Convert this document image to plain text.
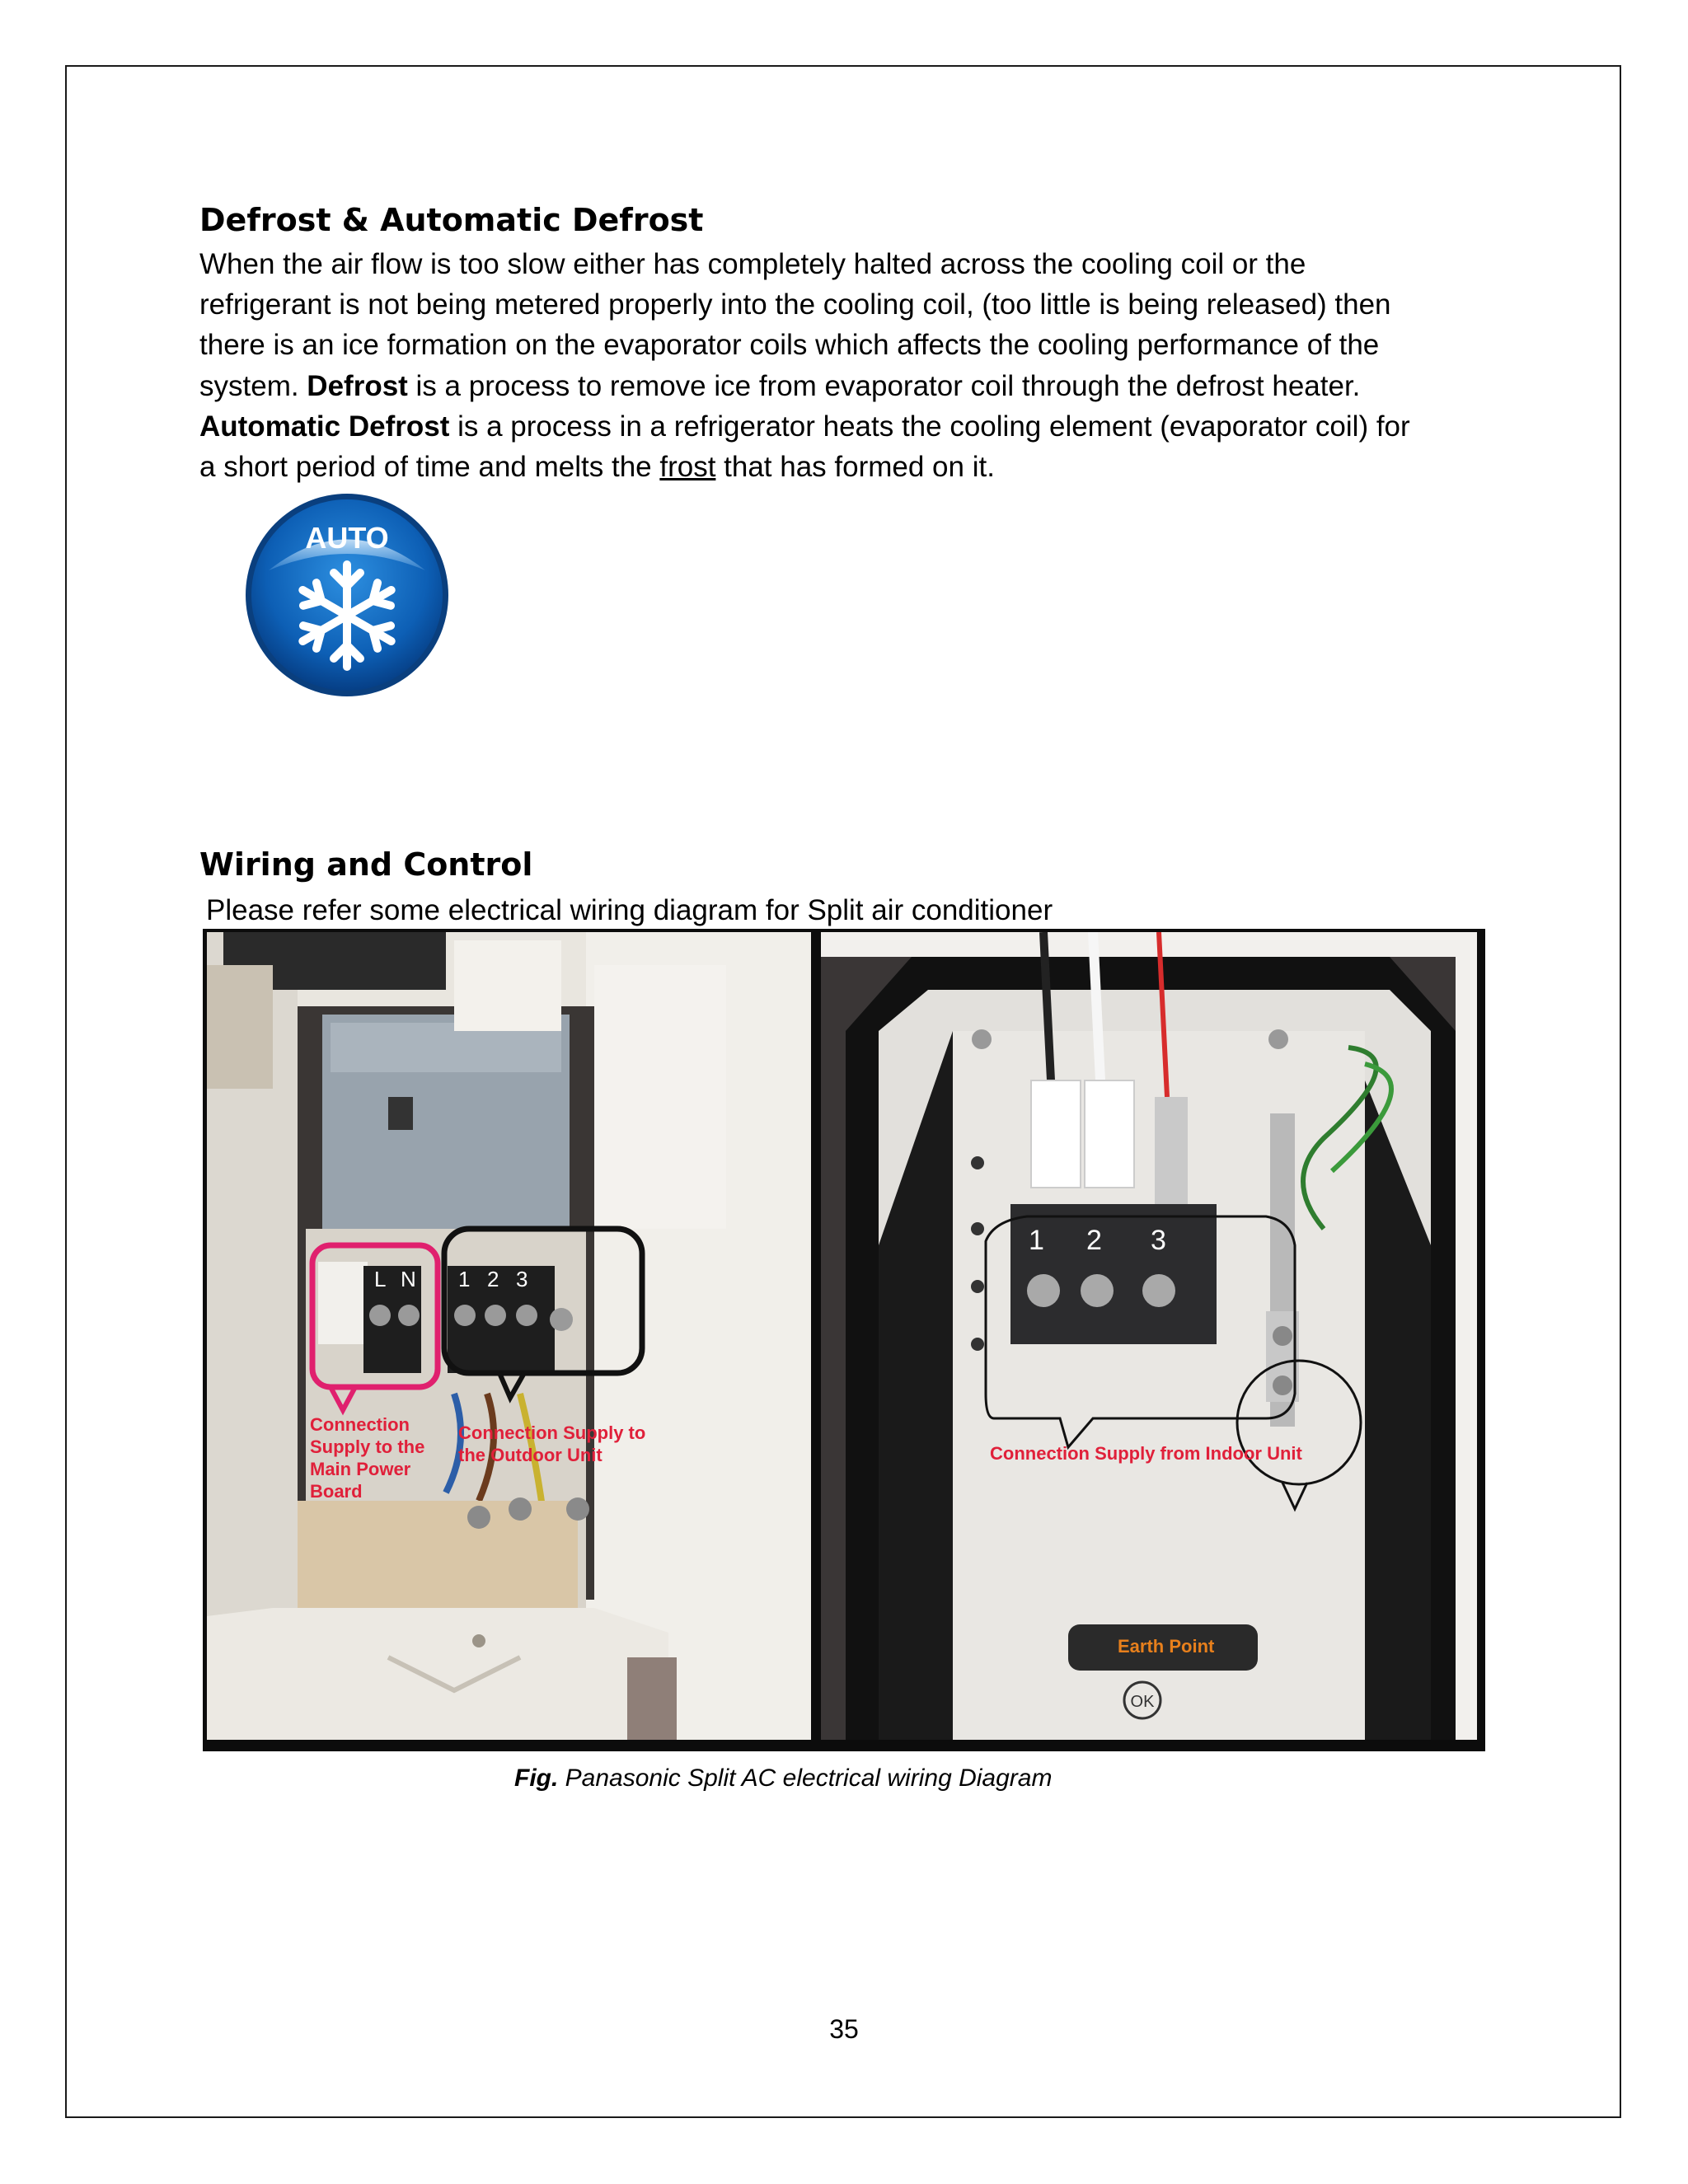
Defrost & Automatic Defrost
When the air flow is too slow either has completely halted across the cooling coil or the
refrigerant is not being metered properly into the cooling coil, (too little is being released) then
there is an ice formation on the evaporator coils which affects the cooling performance of the
system. Defrost is a process to remove ice from evaporator coil through the defrost heater.
Automatic Defrost is a process in a refrigerator heats the cooling element (evaporator coil) for
a short period of time and melts the frost that has formed on it.
AUTO
Wiring and Control
Please refer some electrical wiring diagram for Split air conditioner
L N 1 2 3
Connection
Supply to the
Main Power
Board
Connection Supply to
the Outdoor Unit
1 2 3
Connection Supply from Indoor Unit
Earth Point
OK
Fig. Panasonic Split AC electrical wiring Diagram
35
